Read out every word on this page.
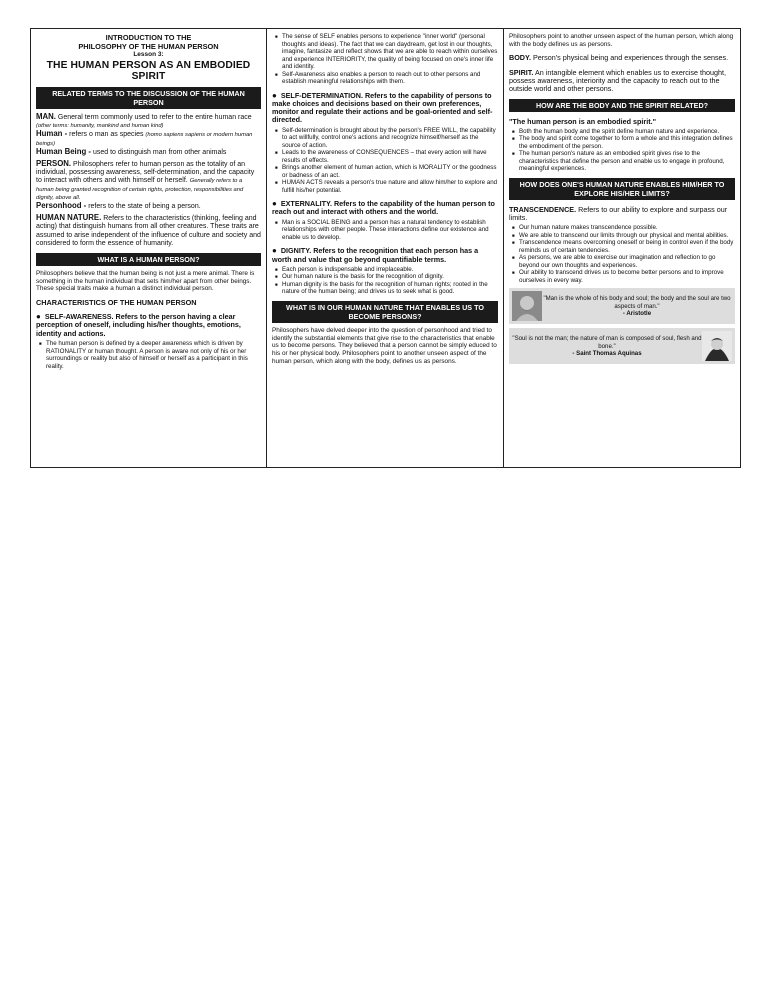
INTRODUCTION TO THE
PHILOSOPHY OF THE HUMAN PERSON
Lesson 3:
THE HUMAN PERSON AS AN EMBODIED SPIRIT
RELATED TERMS TO THE DISCUSSION OF THE HUMAN PERSON
MAN. General term commonly used to refer to the entire human race (other terms: humanity, mankind and human kind)
Human - refers o man as species (homo sapiens sapiens or modern human beings)
Human Being - used to distinguish man from other animals
PERSON. Philosophers refer to human person as the totality of an individual, possessing awareness, self-determination, and the capacity to interact with others and with himself or herself. Generally refers to a human being granted recognition of certain rights, protection, responsibilities and dignity, above all.
Personhood - refers to the state of being a person.
HUMAN NATURE. Refers to the characteristics (thinking, feeling and acting) that distinguish humans from all other creatures. These traits are assumed to arise independent of the influence of culture and society and considered to form the essence of humanity.
WHAT IS A HUMAN PERSON?

Philosophers believe that the human being is not just a mere animal. There is something in the human individual that sets him/her apart from other beings. These special traits make a human a distinct individual person.

CHARACTERISTICS OF THE HUMAN PERSON
● SELF-AWARENESS. Refers to the person having a clear perception of oneself, including his/her thoughts, emotions, identity and actions.
■ The human person is defined by a deeper awareness which is driven by RATIONALITY or human thought. A person is aware not only of his or her surroundings or reality but also of himself or herself as a participant in this reality.
■ The sense of SELF enables persons to experience "inner world" (personal thoughts and ideas). The fact that we can daydream, get lost in our thoughts, imagine, fantasize and reflect shows that we are able to reach within ourselves and experience INTERIORITY, the quality of being focused on one's inner life and identity.
■ Self-Awareness also enables a person to reach out to other persons and establish meaningful relationships with them.
● SELF-DETERMINATION. Refers to the capability of persons to make choices and decisions based on their own preferences, monitor and regulate their actions and be goal-oriented and self-directed.
■ Self-determination is brought about by the person's FREE WILL, the capability to act willfully, control one's actions and recognize himself/herself as the source of action.
■ Leads to the awareness of CONSEQUENCES – that every action will have results of effects.
■ Brings another element of human action, which is MORALITY or the goodness or badness of an act.
■ HUMAN ACTS reveals a person's true nature and allow him/her to explore and fulfill his/her potential.
● EXTERNALITY. Refers to the capability of the human person to reach out and interact with others and the world.
■ Man is a SOCIAL BEING and a person has a natural tendency to establish relationships with other people. These interactions define our existence and enable us to develop.
● DIGNITY. Refers to the recognition that each person has a worth and value that go beyond quantifiable terms.
■ Each person is indispensable and irreplaceable.
■ Our human nature is the basis for the recognition of dignity.
■ Human dignity is the basis for the recognition of human rights; rooted in the nature of the human being; and drives us to seek what is good.
WHAT IS IN OUR HUMAN NATURE THAT ENABLES US TO BECOME PERSONS?

Philosophers have delved deeper into the question of personhood and tried to identify the substantial elements that give rise to the characteristics that enable us to become persons. They believed that a person cannot be simply educed to his or her physical body. Philosophers point to another unseen aspect of the human person, which along with the body, defines us as persons.

Philosophers point to another unseen aspect of the human person, which along with the body defines us as persons.

BODY. Person's physical being and experiences through the senses.
SPIRIT. An intangible element which enables us to exercise thought, possess awareness, interiority and the capacity to reach out to the outside world and other persons.
HOW ARE THE BODY AND THE SPIRIT RELATED?
"The human person is an embodied spirit."
■ Both the human body and the spirit define human nature and experience.
■ The body and spirit come together to form a whole and this integration defines the embodiment of the person.
■ The human person's nature as an embodied spirit gives rise to the characteristics that define the person and enable us to engage in profound, meaningful experiences.
HOW DOES ONE'S HUMAN NATURE ENABLES HIM/HER TO EXPLORE HIS/HER LIMITS?
TRANSCENDENCE. Refers to our ability to explore and surpass our limits.
■ Our human nature makes transcendence possible.
■ We are able to transcend our limits through our physical and mental abilities.
■ Transcendence means overcoming oneself or being in control even if the body reminds us of certain tendencies.
■ As persons, we are able to exercise our imagination and reflection to go beyond our own thoughts and experiences.
■ Our ability to transcend drives us to become better persons and to improve ourselves in every way.
"Man is the whole of his body and soul; the body and the soul are two aspects of man."
- Aristotle
"Soul is not the man; the nature of man is composed of soul, flesh and bone."
- Saint Thomas Aquinas
